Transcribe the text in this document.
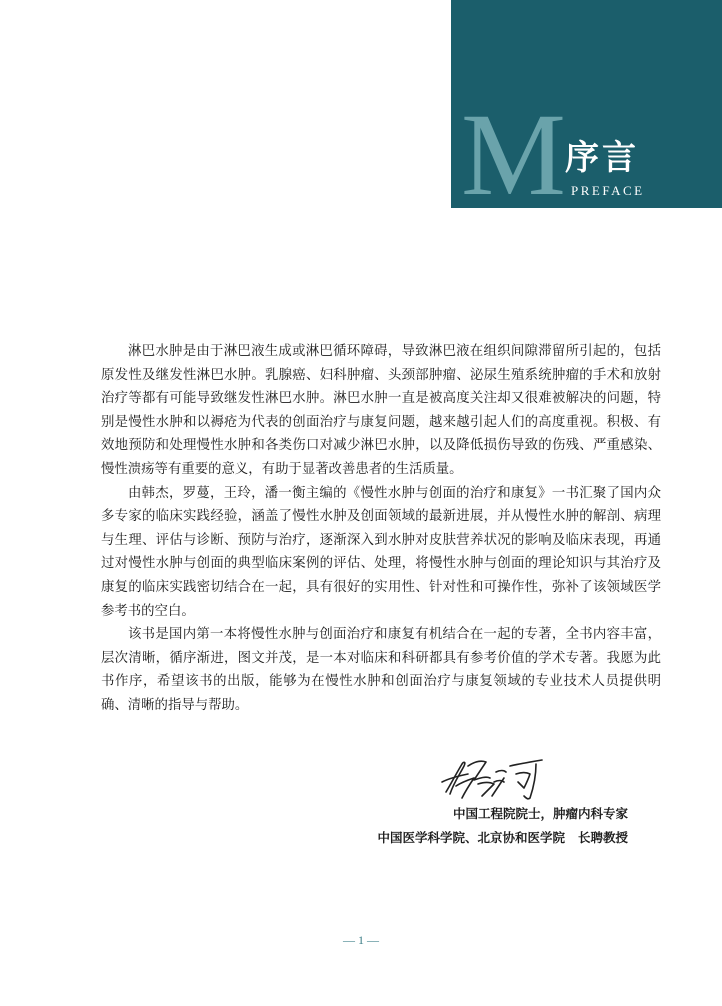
M 序言
PREFACE

淋巴水肿是由于淋巴液生成或淋巴循环障碍，导致淋巴液在组织间隙滞留所引起的，包括原发性及继发性淋巴水肿。乳腺癌、妇科肿瘤、头颈部肿瘤、泌尿生殖系统肿瘤的手术和放射治疗等都有可能导致继发性淋巴水肿。淋巴水肿一直是被高度关注却又很难被解决的问题，特别是慢性水肿和以褥疮为代表的创面治疗与康复问题，越来越引起人们的高度重视。积极、有效地预防和处理慢性水肿和各类伤口对减少淋巴水肿，以及降低损伤导致的伤残、严重感染、慢性溃疡等有重要的意义，有助于显著改善患者的生活质量。

由韩杰，罗蔓，王玲，潘一衡主编的《慢性水肿与创面的治疗和康复》一书汇聚了国内众多专家的临床实践经验，涵盖了慢性水肿及创面领域的最新进展，并从慢性水肿的解剖、病理与生理、评估与诊断、预防与治疗，逐渐深入到水肿对皮肤营养状况的影响及临床表现，再通过对慢性水肿与创面的典型临床案例的评估、处理，将慢性水肿与创面的理论知识与其治疗及康复的临床实践密切结合在一起，具有很好的实用性、针对性和可操作性，弥补了该领域医学参考书的空白。

该书是国内第一本将慢性水肿与创面治疗和康复有机结合在一起的专著，全书内容丰富，层次清晰，循序渐进，图文并茂，是一本对临床和科研都具有参考价值的学术专著。我愿为此书作序，希望该书的出版，能够为在慢性水肿和创面治疗与康复领域的专业技术人员提供明确、清晰的指导与帮助。

中国工程院院士，肿瘤内科专家
中国医学科学院、北京协和医学院   长聘教授
— 1 —
